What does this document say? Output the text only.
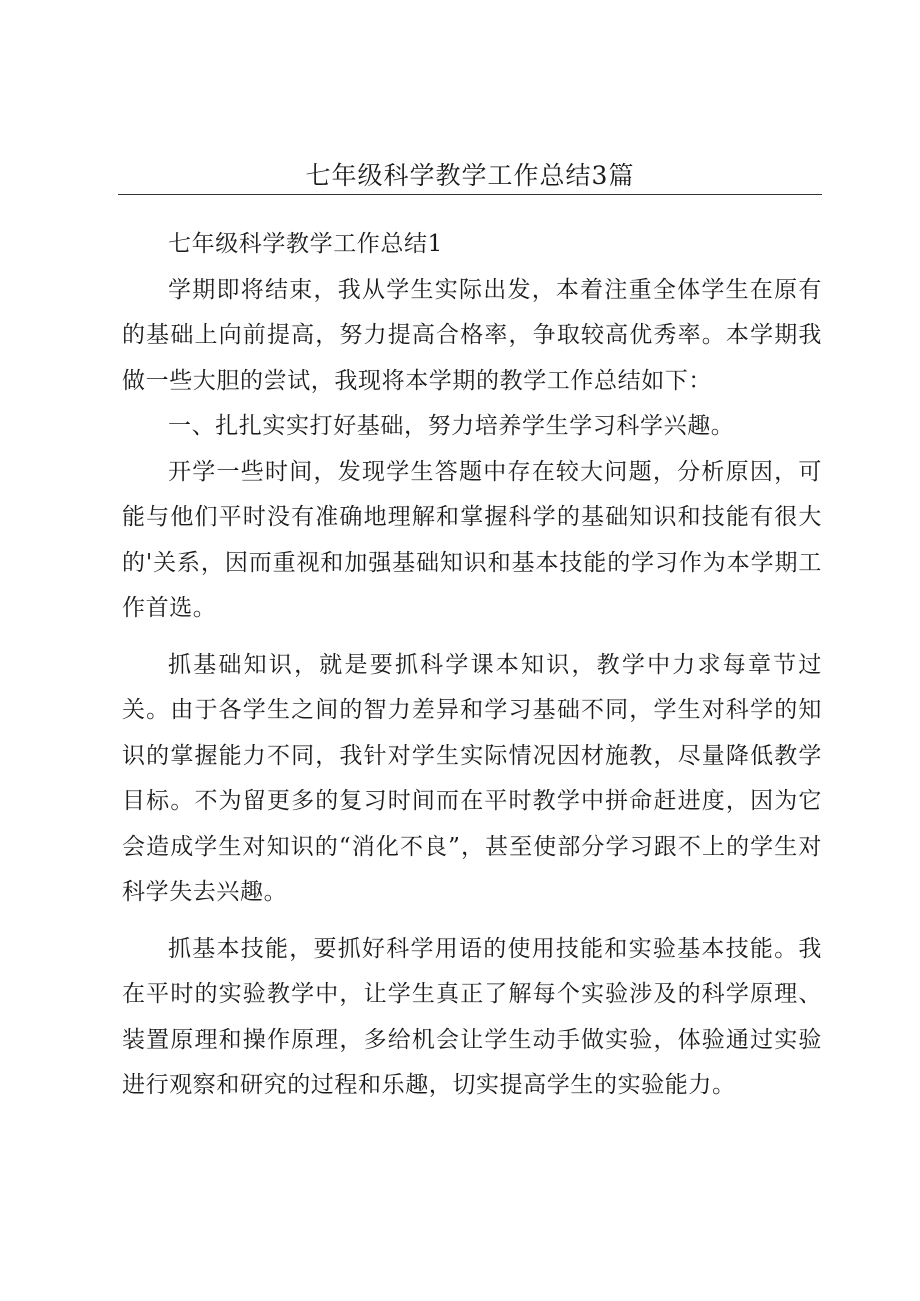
七年级科学教学工作总结3篇
七年级科学教学工作总结1

学期即将结束，我从学生实际出发，本着注重全体学生在原有的基础上向前提高，努力提高合格率，争取较高优秀率。本学期我做一些大胆的尝试，我现将本学期的教学工作总结如下：

一、扎扎实实打好基础，努力培养学生学习科学兴趣。

开学一些时间，发现学生答题中存在较大问题，分析原因，可能与他们平时没有准确地理解和掌握科学的基础知识和技能有很大的'关系，因而重视和加强基础知识和基本技能的学习作为本学期工作首选。

抓基础知识，就是要抓科学课本知识，教学中力求每章节过关。由于各学生之间的智力差异和学习基础不同，学生对科学的知识的掌握能力不同，我针对学生实际情况因材施教，尽量降低教学目标。不为留更多的复习时间而在平时教学中拼命赶进度，因为它会造成学生对知识的“消化不良”，甚至使部分学习跟不上的学生对科学失去兴趣。

抓基本技能，要抓好科学用语的使用技能和实验基本技能。我在平时的实验教学中，让学生真正了解每个实验涉及的科学原理、装置原理和操作原理，多给机会让学生动手做实验，体验通过实验进行观察和研究的过程和乐趣，切实提高学生的实验能力。
